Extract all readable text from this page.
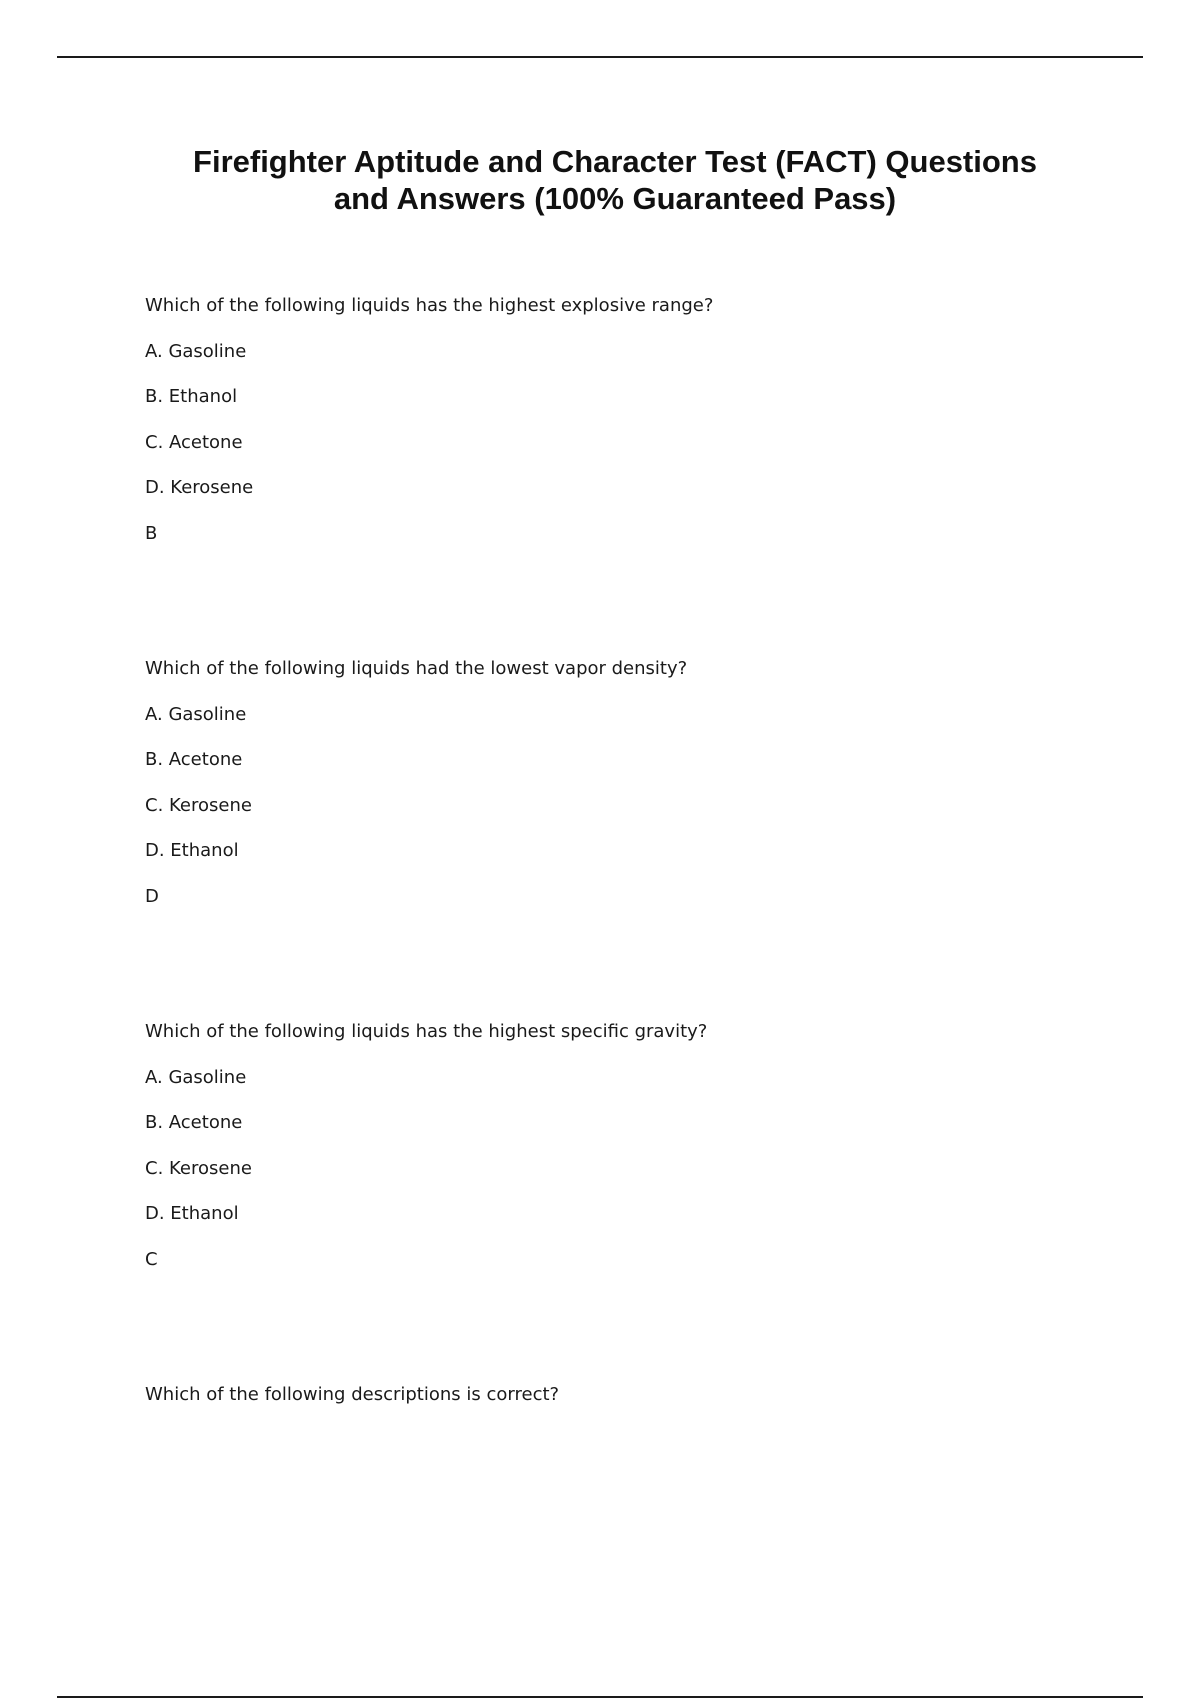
Firefighter Aptitude and Character Test (FACT) Questions
and Answers (100% Guaranteed Pass)
Which of the following liquids has the highest explosive range?
A. Gasoline
B. Ethanol
C. Acetone
D. Kerosene
B
Which of the following liquids had the lowest vapor density?
A. Gasoline
B. Acetone
C. Kerosene
D. Ethanol
D
Which of the following liquids has the highest specific gravity?
A. Gasoline
B. Acetone
C. Kerosene
D. Ethanol
C
Which of the following descriptions is correct?
